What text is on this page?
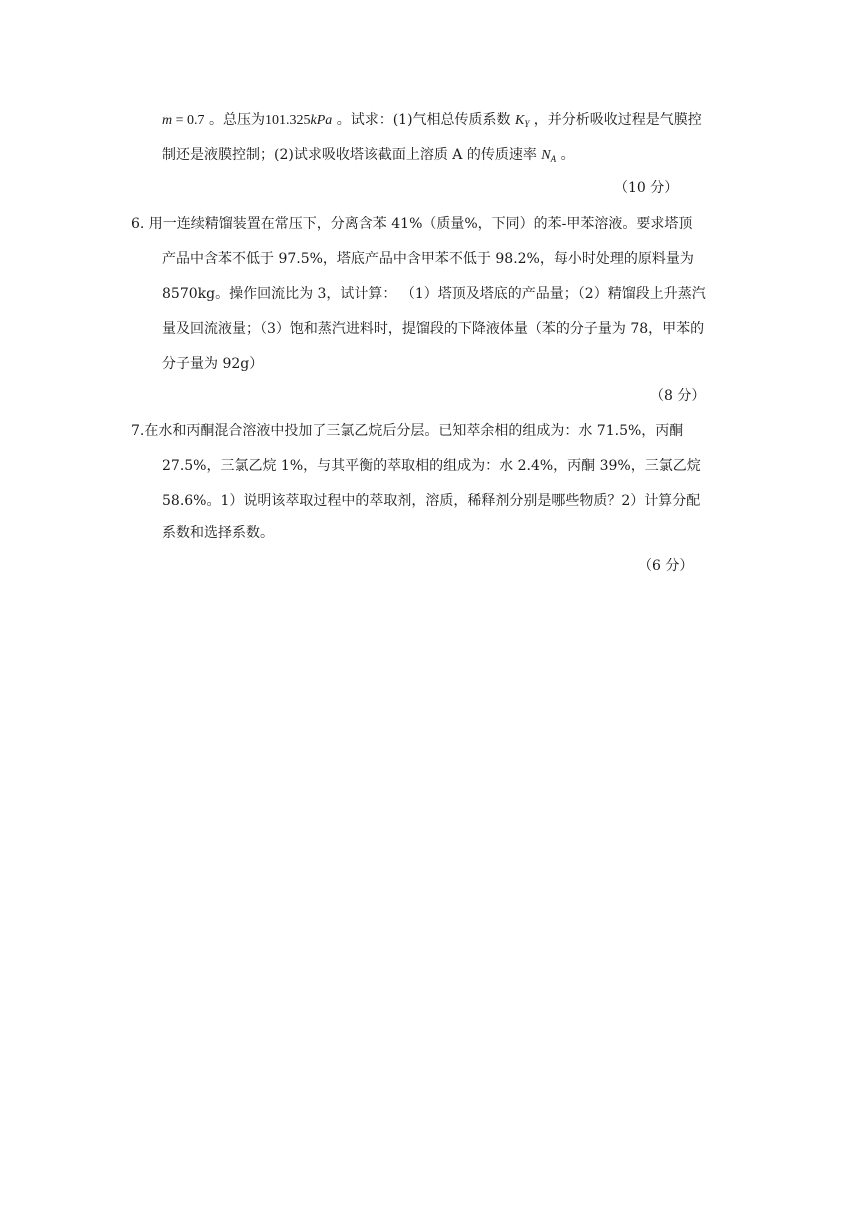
m = 0.7 。总压为101.325kPa 。试求：(1)气相总传质系数 $K_Y$ ，并分析吸收过程是气膜控
制还是液膜控制；(2)试求吸收塔该截面上溶质 A 的传质速率 $N_A$ 。
（10 分）
6. 用一连续精馏装置在常压下，分离含苯 41%（质量%，下同）的苯-甲苯溶液。要求塔顶
产品中含苯不低于 97.5%，塔底产品中含甲苯不低于 98.2%，每小时处理的原料量为
8570kg。操作回流比为 3，试计算： （1）塔顶及塔底的产品量；（2）精馏段上升蒸汽
量及回流液量；（3）饱和蒸汽进料时，提馏段的下降液体量（苯的分子量为 78，甲苯的
分子量为 92g）
（8 分）
7.在水和丙酮混合溶液中投加了三氯乙烷后分层。已知萃余相的组成为：水 71.5%，丙酮
27.5%，三氯乙烷 1%，与其平衡的萃取相的组成为：水 2.4%，丙酮 39%，三氯乙烷
58.6%。1）说明该萃取过程中的萃取剂，溶质，稀释剂分别是哪些物质？2）计算分配
系数和选择系数。
（6 分）
